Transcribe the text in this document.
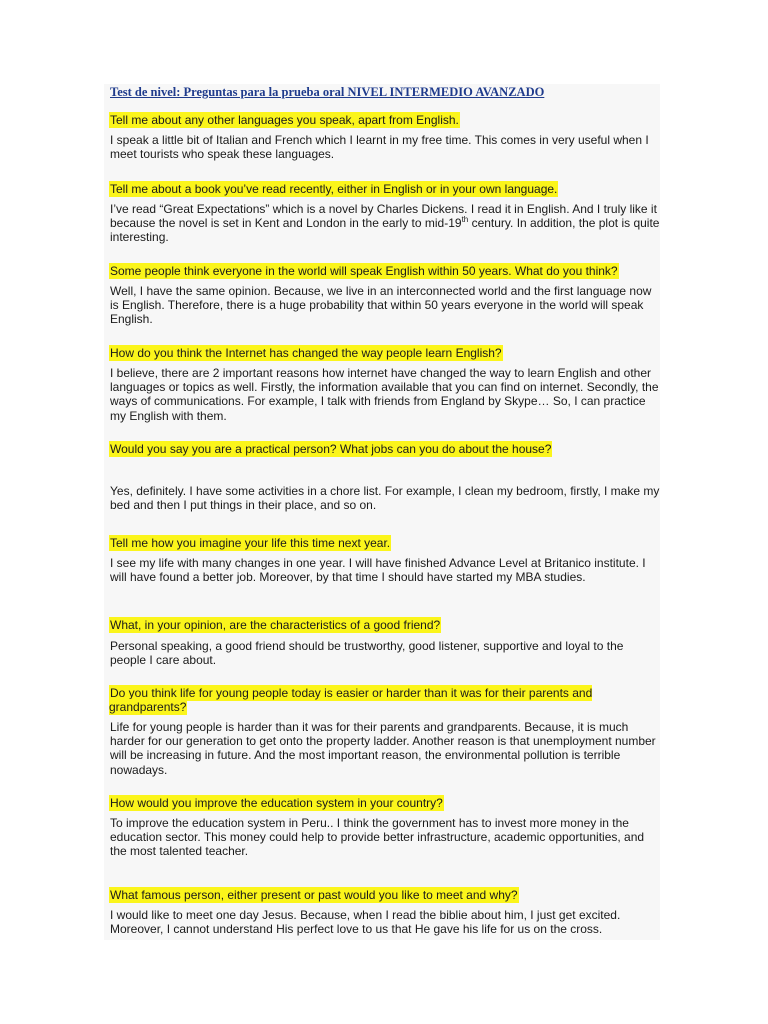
Test de nivel: Preguntas para la prueba oral NIVEL INTERMEDIO AVANZADO
Tell me about any other languages you speak, apart from English.
I speak a little bit of Italian and French which I learnt in my free time. This comes in very useful when I meet tourists who speak these languages.
Tell me about a book you’ve read recently, either in English or in your own language.
I’ve read “Great Expectations” which is a novel by Charles Dickens. I read it in English. And I truly like it because the novel is set in Kent and London in the early to mid-19th century. In addition, the plot is quite interesting.
Some people think everyone in the world will speak English within 50 years. What do you think?
Well, I have the same opinion. Because, we live in an interconnected world and the first language now is English. Therefore, there is a huge probability that within 50 years everyone in the world will speak English.
How do you think the Internet has changed the way people learn English?
I believe, there are 2 important reasons how internet have changed the way to learn English and other languages or topics as well. Firstly, the information available that you can find on internet. Secondly, the ways of communications. For example, I talk with friends from England by Skype… So, I can practice my English with them.
Would you say you are a practical person? What jobs can you do about the house?
Yes, definitely. I have some activities in a chore list. For example, I clean my bedroom, firstly, I make my bed and then I put things in their place, and so on.
Tell me how you imagine your life this time next year.
I see my life with many changes in one year. I will have finished Advance Level at Britanico institute. I will have found a better job. Moreover, by that time I should have started my MBA studies.
What, in your opinion, are the characteristics of a good friend?
Personal speaking, a good friend should be trustworthy, good listener, supportive and loyal to the people I care about.
Do you think life for young people today is easier or harder than it was for their parents and grandparents?
Life for young people is harder than it was for their parents and grandparents. Because, it is much harder for our generation to get onto the property ladder. Another reason is that unemployment number will be increasing in future. And the most important reason, the environmental pollution is terrible nowadays.
How would you improve the education system in your country?
To improve the education system in Peru.. I think the government has to invest more money in the education sector. This money could help to provide better infrastructure, academic opportunities, and the most talented teacher.
What famous person, either present or past would you like to meet and why?
I would like to meet one day Jesus. Because, when I read the biblie about him, I just get excited. Moreover, I cannot understand His perfect love to us that He gave his life for us on the cross.
